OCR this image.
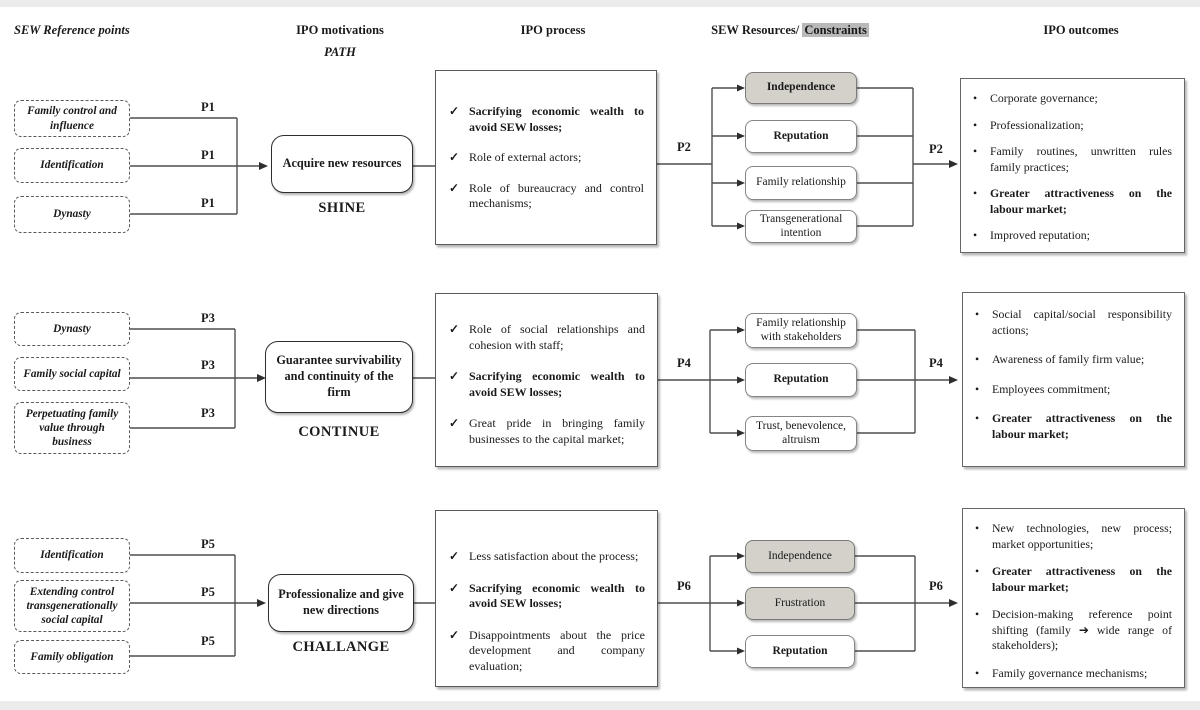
SEW Reference points	IPO motivations
PATH
IPO process	SEW Resources/ Constraints	IPO outcomes
Family control and influence
Identification
Dynasty
P1
P1
P1
Acquire new resources
SHINE
✓ Sacrifying economic wealth to avoid SEW losses;
✓ Role of external actors;
✓ Role of bureaucracy and control mechanisms;
P2
Independence
Reputation
Family relationship
Transgenerational intention
P2
•	Corporate governance;
•	Professionalization;
•	Family routines, unwritten rules family practices;
•	Greater attractiveness on the labour market;
•	Improved reputation;
Dynasty
Family social capital
Perpetuating family value through business
P3
P3
P3
Guarantee survivability and continuity of the firm
CONTINUE
✓ Role of social relationships and cohesion with staff;
✓ Sacrifying economic wealth to avoid SEW losses;
✓ Great pride in bringing family businesses to the capital market;
P4
Family relationship with stakeholders
Reputation
Trust, benevolence, altruism
P4
•	Social capital/social responsibility actions;
•	Awareness of family firm value;
•	Employees commitment;
•	Greater attractiveness on the labour market;
Identification
Extending control transgenerationally social capital
Family obligation
P5
P5
P5
Professionalize and give new directions
CHALLANGE
✓ Less satisfaction about the process;
✓ Sacrifying economic wealth to avoid SEW losses;
✓ Disappointments about the price development and company evaluation;
P6
Independence
Frustration
Reputation
P6
•	New technologies, new process; market opportunities;
•	Greater attractiveness on the labour market;
•	Decision-making reference point shifting (family ➔ wide range of stakeholders);
•	Family governance mechanisms;
